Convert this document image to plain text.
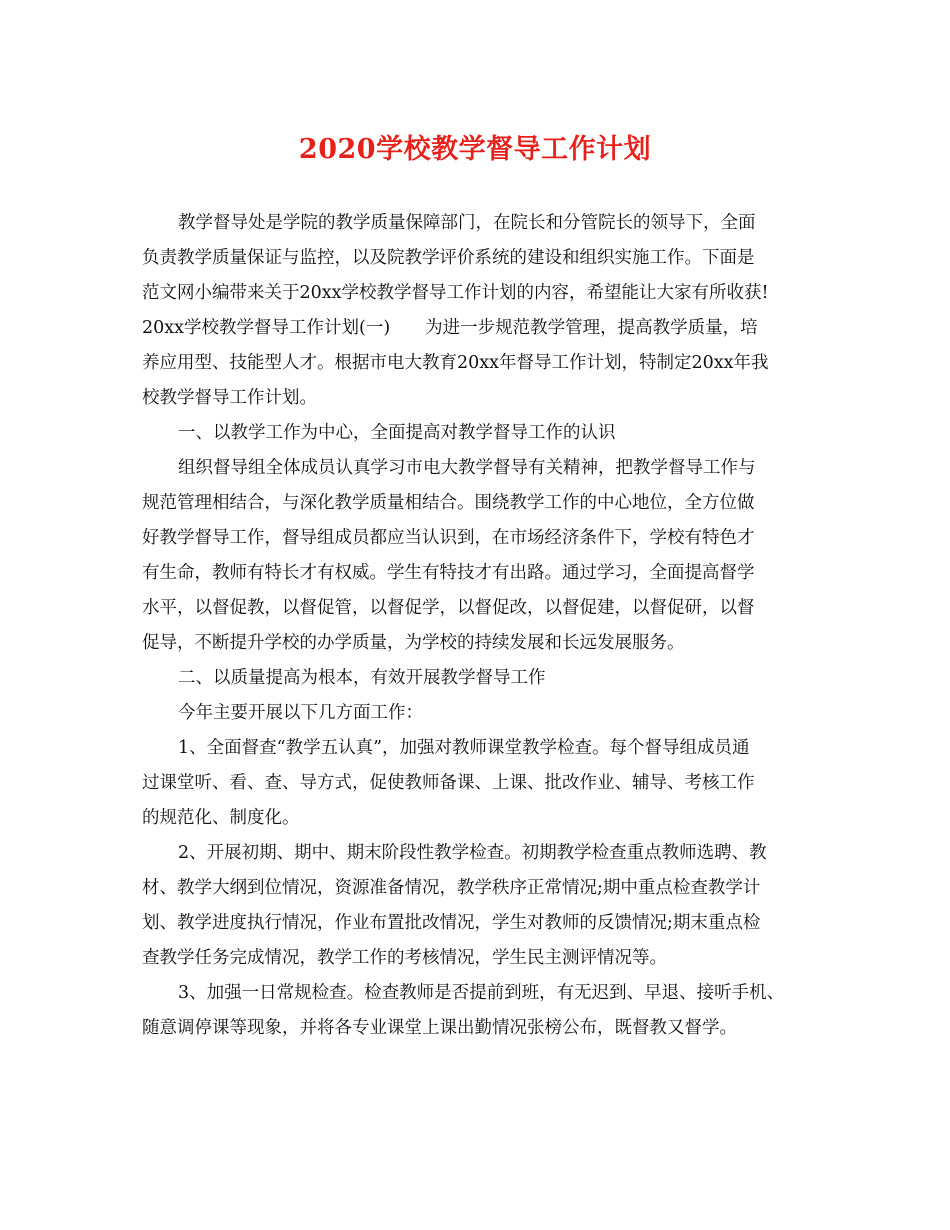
2020学校教学督导工作计划
教学督导处是学院的教学质量保障部门，在院长和分管院长的领导下，全面
负责教学质量保证与监控，以及院教学评价系统的建设和组织实施工作。下面是
范文网小编带来关于20xx学校教学督导工作计划的内容，希望能让大家有所收获!
20xx学校教学督导工作计划(一)　　为进一步规范教学管理，提高教学质量，培
养应用型、技能型人才。根据市电大教育20xx年督导工作计划，特制定20xx年我
校教学督导工作计划。
一、以教学工作为中心，全面提高对教学督导工作的认识
组织督导组全体成员认真学习市电大教学督导有关精神，把教学督导工作与
规范管理相结合，与深化教学质量相结合。围绕教学工作的中心地位，全方位做
好教学督导工作，督导组成员都应当认识到，在市场经济条件下，学校有特色才
有生命，教师有特长才有权威。学生有特技才有出路。通过学习，全面提高督学
水平，以督促教，以督促管，以督促学，以督促改，以督促建，以督促研，以督
促导，不断提升学校的办学质量，为学校的持续发展和长远发展服务。
二、以质量提高为根本，有效开展教学督导工作
今年主要开展以下几方面工作：
1、全面督查“教学五认真”，加强对教师课堂教学检查。每个督导组成员通
过课堂听、看、查、导方式，促使教师备课、上课、批改作业、辅导、考核工作
的规范化、制度化。
2、开展初期、期中、期末阶段性教学检查。初期教学检查重点教师选聘、教
材、教学大纲到位情况，资源准备情况，教学秩序正常情况;期中重点检查教学计
划、教学进度执行情况，作业布置批改情况，学生对教师的反馈情况;期末重点检
查教学任务完成情况，教学工作的考核情况，学生民主测评情况等。
3、加强一日常规检查。检查教师是否提前到班，有无迟到、早退、接听手机、
随意调停课等现象，并将各专业课堂上课出勤情况张榜公布，既督教又督学。
